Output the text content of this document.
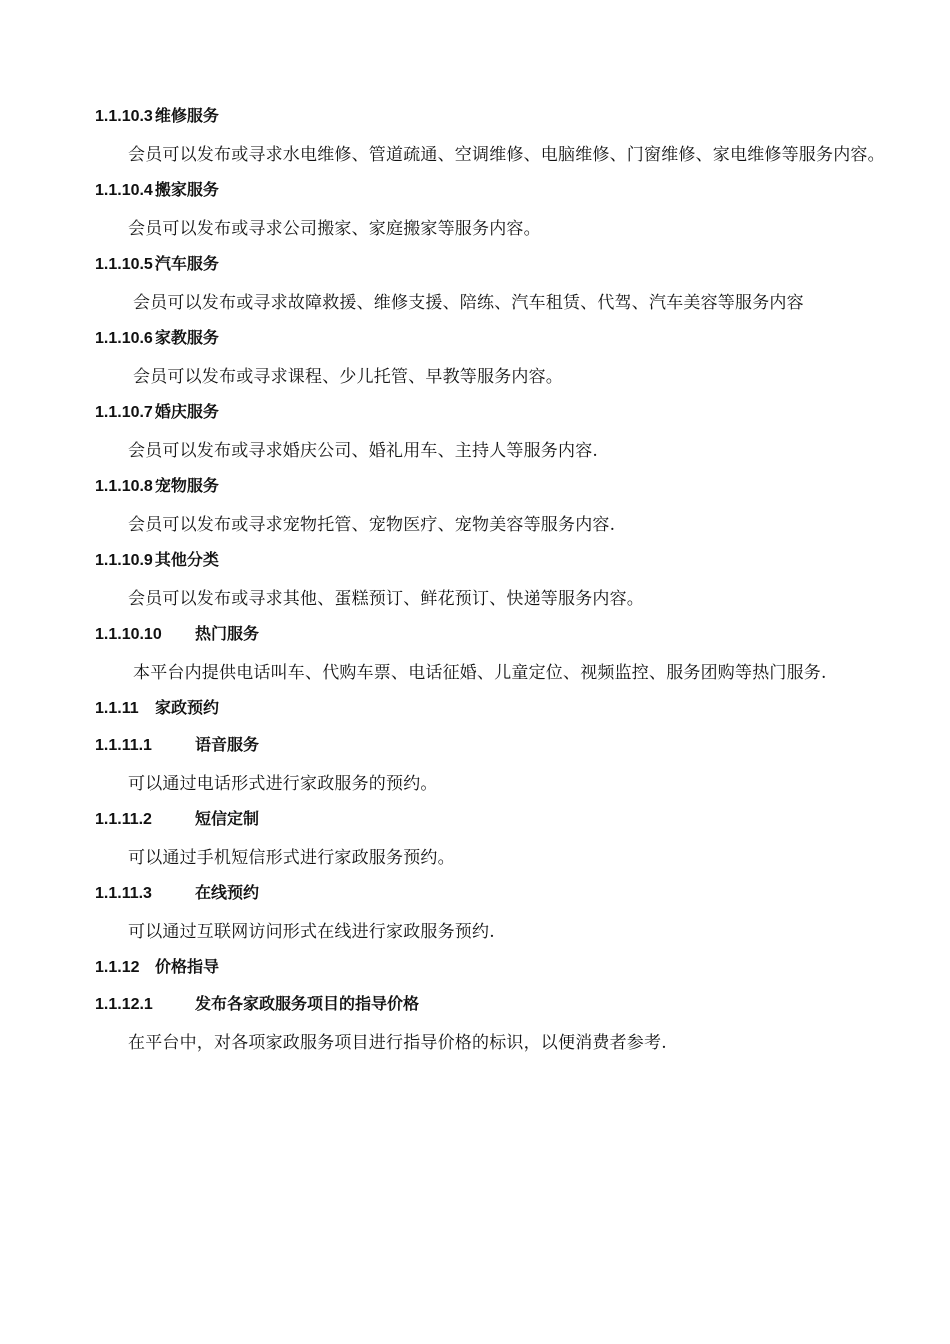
1.1.10.3 维修服务

会员可以发布或寻求水电维修、管道疏通、空调维修、电脑维修、门窗维修、家电维修等服务内容。

1.1.10.4 搬家服务

会员可以发布或寻求公司搬家、家庭搬家等服务内容。

1.1.10.5 汽车服务

会员可以发布或寻求故障救援、维修支援、陪练、汽车租赁、代驾、汽车美容等服务内容

1.1.10.6 家教服务

会员可以发布或寻求课程、少儿托管、早教等服务内容。

1.1.10.7 婚庆服务

会员可以发布或寻求婚庆公司、婚礼用车、主持人等服务内容.

1.1.10.8 宠物服务

会员可以发布或寻求宠物托管、宠物医疗、宠物美容等服务内容.

1.1.10.9 其他分类

会员可以发布或寻求其他、蛋糕预订、鲜花预订、快递等服务内容。

1.1.10.10 热门服务

本平台内提供电话叫车、代购车票、电话征婚、儿童定位、视频监控、服务团购等热门服务.

1.1.11 家政预约
1.1.11.1	语音服务

可以通过电话形式进行家政服务的预约。

1.1.11.2	短信定制

可以通过手机短信形式进行家政服务预约。

1.1.11.3	在线预约

可以通过互联网访问形式在线进行家政服务预约.

1.1.12 价格指导
1.1.12.1	发布各家政服务项目的指导价格

在平台中，对各项家政服务项目进行指导价格的标识，以便消费者参考.
